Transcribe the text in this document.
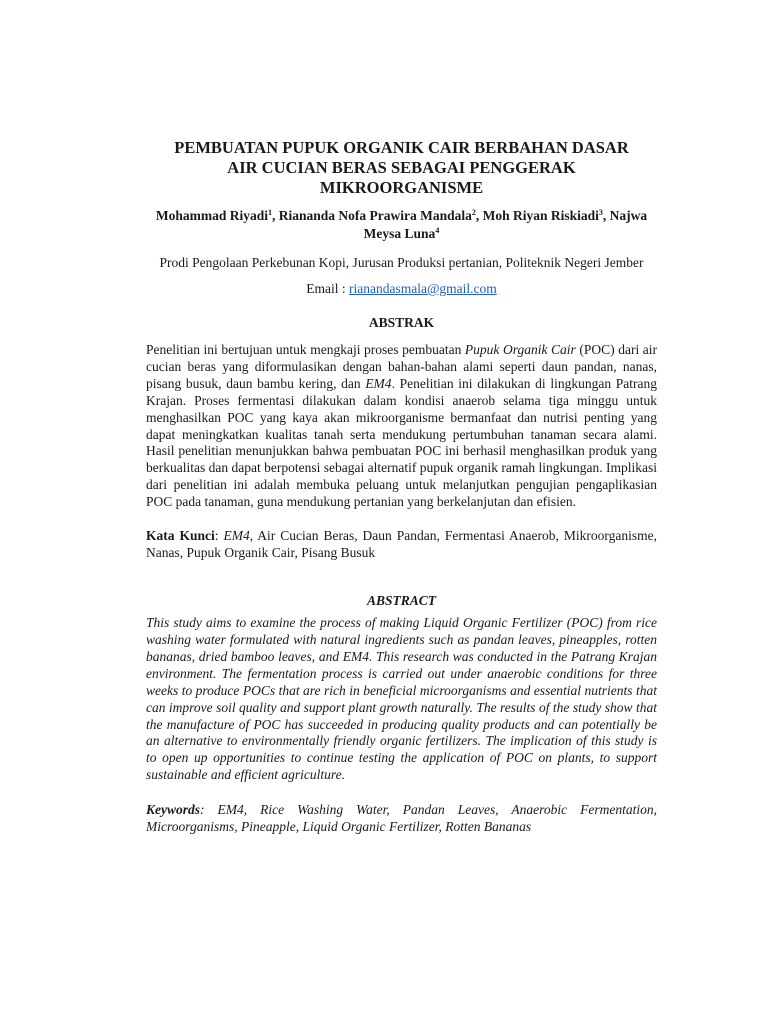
PEMBUATAN PUPUK ORGANIK CAIR BERBAHAN DASAR
AIR CUCIAN BERAS SEBAGAI PENGGERAK
MIKROORGANISME
Mohammad Riyadi$^1$, Riananda Nofa Prawira Mandala$^2$, Moh Riyan Riskiadi$^3$, Najwa Meysa Luna$^4$
Prodi Pengolaan Perkebunan Kopi, Jurusan Produksi pertanian, Politeknik Negeri Jember
Email : rianandasmala@gmail.com
ABSTRAK

Penelitian ini bertujuan untuk mengkaji proses pembuatan Pupuk Organik Cair (POC) dari air cucian beras yang diformulasikan dengan bahan-bahan alami seperti daun pandan, nanas, pisang busuk, daun bambu kering, dan EM4. Penelitian ini dilakukan di lingkungan Patrang Krajan. Proses fermentasi dilakukan dalam kondisi anaerob selama tiga minggu untuk menghasilkan POC yang kaya akan mikroorganisme bermanfaat dan nutrisi penting yang dapat meningkatkan kualitas tanah serta mendukung pertumbuhan tanaman secara alami. Hasil penelitian menunjukkan bahwa pembuatan POC ini berhasil menghasilkan produk yang berkualitas dan dapat berpotensi sebagai alternatif pupuk organik ramah lingkungan. Implikasi dari penelitian ini adalah membuka peluang untuk melanjutkan pengujian pengaplikasian POC pada tanaman, guna mendukung pertanian yang berkelanjutan dan efisien.

Kata Kunci: EM4, Air Cucian Beras, Daun Pandan, Fermentasi Anaerob, Mikroorganisme, Nanas, Pupuk Organik Cair, Pisang Busuk

ABSTRACT

This study aims to examine the process of making Liquid Organic Fertilizer (POC) from rice washing water formulated with natural ingredients such as pandan leaves, pineapples, rotten bananas, dried bamboo leaves, and EM4. This research was conducted in the Patrang Krajan environment. The fermentation process is carried out under anaerobic conditions for three weeks to produce POCs that are rich in beneficial microorganisms and essential nutrients that can improve soil quality and support plant growth naturally. The results of the study show that the manufacture of POC has succeeded in producing quality products and can potentially be an alternative to environmentally friendly organic fertilizers. The implication of this study is to open up opportunities to continue testing the application of POC on plants, to support sustainable and efficient agriculture.

Keywords: EM4, Rice Washing Water, Pandan Leaves, Anaerobic Fermentation, Microorganisms, Pineapple, Liquid Organic Fertilizer, Rotten Bananas
